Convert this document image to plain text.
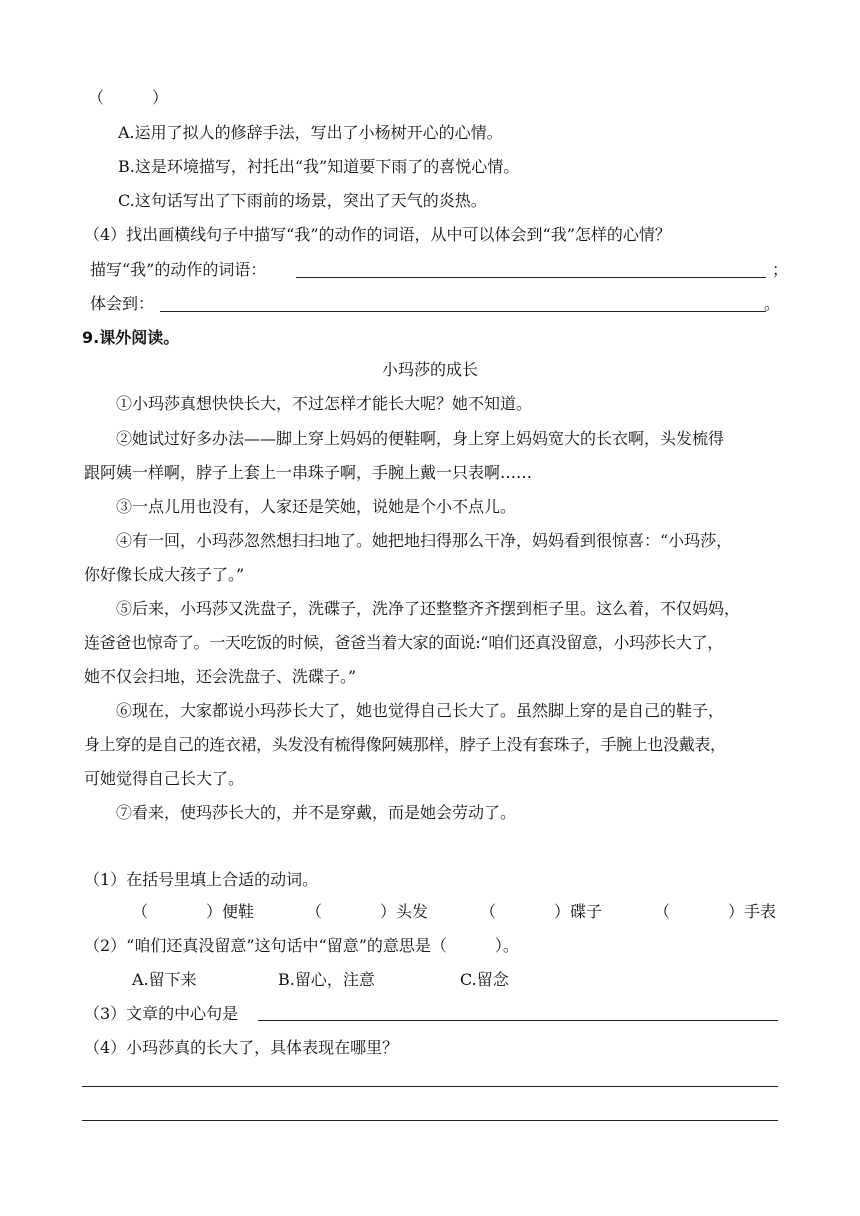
（　　　）
A.运用了拟人的修辞手法，写出了小杨树开心的心情。
B.这是环境描写，衬托出“我”知道要下雨了的喜悦心情。
C.这句话写出了下雨前的场景，突出了天气的炎热。
（4）找出画横线句子中描写“我”的动作的词语，从中可以体会到“我”怎样的心情？
描写“我”的动作的词语：	；
体会到：	。
9.课外阅读。
小玛莎的成长
①小玛莎真想快快长大，不过怎样才能长大呢？她不知道。
②她试过好多办法——脚上穿上妈妈的便鞋啊，身上穿上妈妈宽大的长衣啊，头发梳得
跟阿姨一样啊，脖子上套上一串珠子啊，手腕上戴一只表啊……
③一点儿用也没有，人家还是笑她，说她是个小不点儿。
④有一回，小玛莎忽然想扫扫地了。她把地扫得那么干净，妈妈看到很惊喜：“小玛莎，
你好像长成大孩子了。”
⑤后来，小玛莎又洗盘子，洗碟子，洗净了还整整齐齐摆到柜子里。这么着，不仅妈妈，
连爸爸也惊奇了。一天吃饭的时候，爸爸当着大家的面说:“咱们还真没留意，小玛莎长大了，
她不仅会扫地，还会洗盘子、洗碟子。”
⑥现在，大家都说小玛莎长大了，她也觉得自己长大了。虽然脚上穿的是自己的鞋子，
身上穿的是自己的连衣裙，头发没有梳得像阿姨那样，脖子上没有套珠子，手腕上也没戴表，
可她觉得自己长大了。
⑦看来，使玛莎长大的，并不是穿戴，而是她会劳动了。
（1）在括号里填上合适的动词。
（	）便鞋	（	）头发	（	）碟子	（	）手表
（2）“咱们还真没留意”这句话中“留意”的意思是（　　　）。
A.留下来	B.留心，注意	C.留念
（3）文章的中心句是
（4）小玛莎真的长大了，具体表现在哪里？
